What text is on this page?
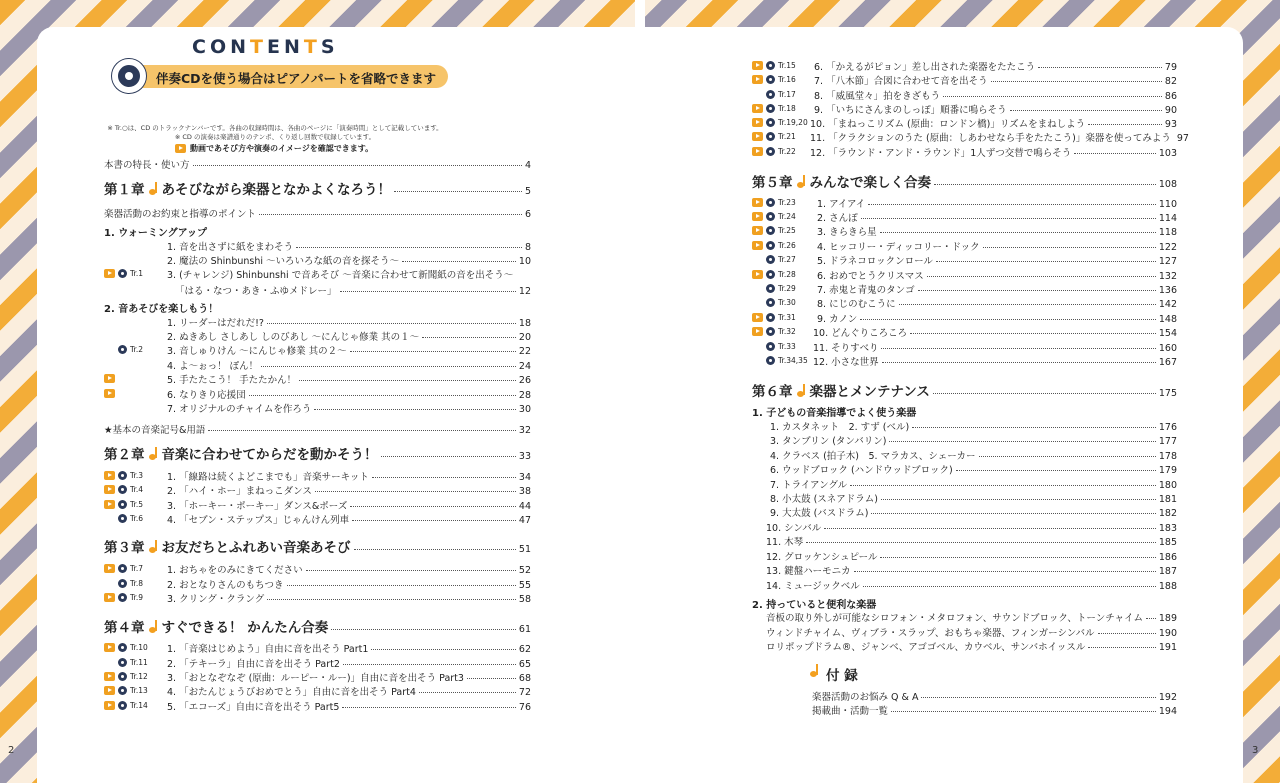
CONTENTS
伴奏CDを使う場合はピアノパートを省略できます
※ Tr.○は、CD のトラックナンバーです。各曲の収録時間は、各曲のページに「演奏時間」として記載しています。
※ CD の演奏は楽譜通りのテンポ、くり返し回数で収録しています。
動画であそび方や演奏のイメージを確認できます。
本書の特長・使い方	4
第１章 あそびながら楽器となかよくなろう！	5
楽器活動のお約束と指導のポイント	6
1. ウォーミングアップ
1. 音を出さずに紙をまわそう	8
2. 魔法の Shinbunshi 〜いろいろな紙の音を探そう〜	10
3. (チャレンジ) Shinbunshi で音あそび 〜音楽に合わせて新聞紙の音を出そう〜
Tr.1
「はる・なつ・あき・ふゆメドレー」	12
2. 音あそびを楽しもう！
1. リーダーはだれだ!?	18
2. ぬきあし さしあし しのびあし 〜にんじゃ修業 其の１〜	20
3. 音しゅりけん 〜にんじゃ修業 其の２〜	22
Tr.2
4. よ〜ぉっ！ ぽん！	24
5. 手たたこう！ 手たたかん！	26
6. なりきり応援団	28
7. オリジナルのチャイムを作ろう	30
★基本の音楽記号&用語	32
第２章 音楽に合わせてからだを動かそう！	33
1. 「線路は続くよどこまでも」音楽サーキット	34
Tr.3
2. 「ハイ・ホー」まねっこダンス	38
Tr.4
3. 「ホーキー・ポーキー」ダンス&ポーズ	44
Tr.5
4. 「セブン・ステップス」じゃんけん列車	47
Tr.6
第３章 お友だちとふれあい音楽あそび	51
1. おちゃをのみにきてください	52
Tr.7
2. おとなりさんのもちつき	55
Tr.8
3. クリング・クラング	58
Tr.9
第４章 すぐできる！ かんたん合奏	61
1. 「音楽はじめよう」自由に音を出そう Part1	62
Tr.10
2. 「テキーラ」自由に音を出そう Part2	65
Tr.11
3. 「おとなぞなぞ (原曲：ルーピー・ルー)」自由に音を出そう Part3	68
Tr.12
4. 「おたんじょうびおめでとう」自由に音を出そう Part4	72
Tr.13
5. 「エコーズ」自由に音を出そう Part5	76
Tr.14
6. 「かえるがピョン」差し出された楽器をたたこう	79
Tr.15
7. 「八木節」合図に合わせて音を出そう	82
Tr.16
8. 「威風堂々」拍をきざもう	86
Tr.17
9. 「いちにさんまのしっぽ」順番に鳴らそう	90
Tr.18
10. 「まねっこリズム (原曲：ロンドン橋)」リズムをまねしよう	93
Tr.19,20
11. 「クラクションのうた (原曲：しあわせなら手をたたこう)」楽器を使ってみよう 97
Tr.21
12. 「ラウンド・アンド・ラウンド」1人ずつ交替で鳴らそう	103
Tr.22
第５章 みんなで楽しく合奏	108
1. アイアイ	110
Tr.23
2. さんぽ	114
Tr.24
3. きらきら星	118
Tr.25
4. ヒッコリー・ディッコリー・ドック	122
Tr.26
5. ドラネコロックンロール	127
Tr.27
6. おめでとうクリスマス	132
Tr.28
7. 赤鬼と青鬼のタンゴ	136
Tr.29
8. にじのむこうに	142
Tr.30
9. カノン	148
Tr.31
10. どんぐりころころ	154
Tr.32
11. そりすべり	160
Tr.33
12. 小さな世界	167
Tr.34,35
第６章 楽器とメンテナンス	175
1. 子どもの音楽指導でよく使う楽器
1. カスタネット　2. すず (ベル)	176
3. タンブリン (タンバリン)	177
4. クラベス (拍子木)　5. マラカス、シェーカー	178
6. ウッドブロック (ハンドウッドブロック)	179
7. トライアングル	180
8. 小太鼓 (スネアドラム)	181
9. 大太鼓 (バスドラム)	182
10. シンバル	183
11. 木琴	185
12. グロッケンシュピール	186
13. 鍵盤ハーモニカ	187
14. ミュージックベル	188
2. 持っていると便利な楽器
音板の取り外しが可能なシロフォン・メタロフォン、サウンドブロック、トーンチャイム 189
ウィンドチャイム、ヴィブラ・スラップ、おもちゃ楽器、フィンガーシンバル	190
ロリポップドラム®、ジャンベ、アゴゴベル、カウベル、サンバホイッスル	191
付 録
楽器活動のお悩み Q & A	192
掲載曲・活動一覧	194
2	3
